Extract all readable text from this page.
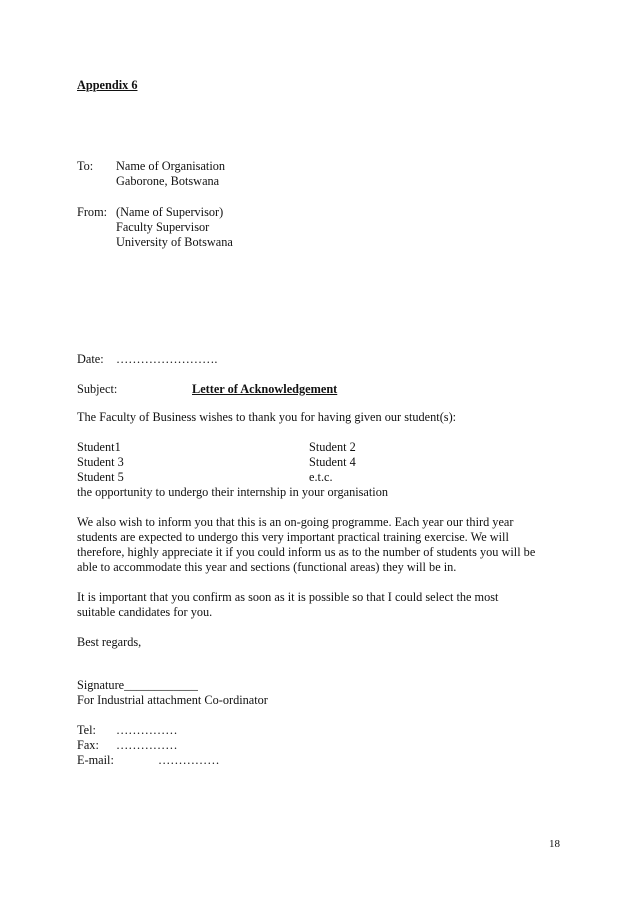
Appendix 6
To: Name of Organisation
Gaborone, Botswana
From: (Name of Supervisor)
Faculty Supervisor
University of Botswana
Date: …………………….
Subject:	Letter of Acknowledgement
The Faculty of Business wishes to thank you for having given our student(s):
Student1	Student 2
Student 3	Student 4
Student 5	e.t.c.
the opportunity to undergo their internship in your organisation
We also wish to inform you that this is an on-going programme. Each year our third year
students are expected to undergo this very important practical training exercise. We will
therefore, highly appreciate it if you could inform us as to the number of students you will be
able to accommodate this year and sections (functional areas) they will be in.
It is important that you confirm as soon as it is possible so that I could select the most
suitable candidates for you.
Best regards,
Signature____________
For Industrial attachment Co-ordinator
Tel: ……………
Fax: ……………
E-mail:	……………
18
